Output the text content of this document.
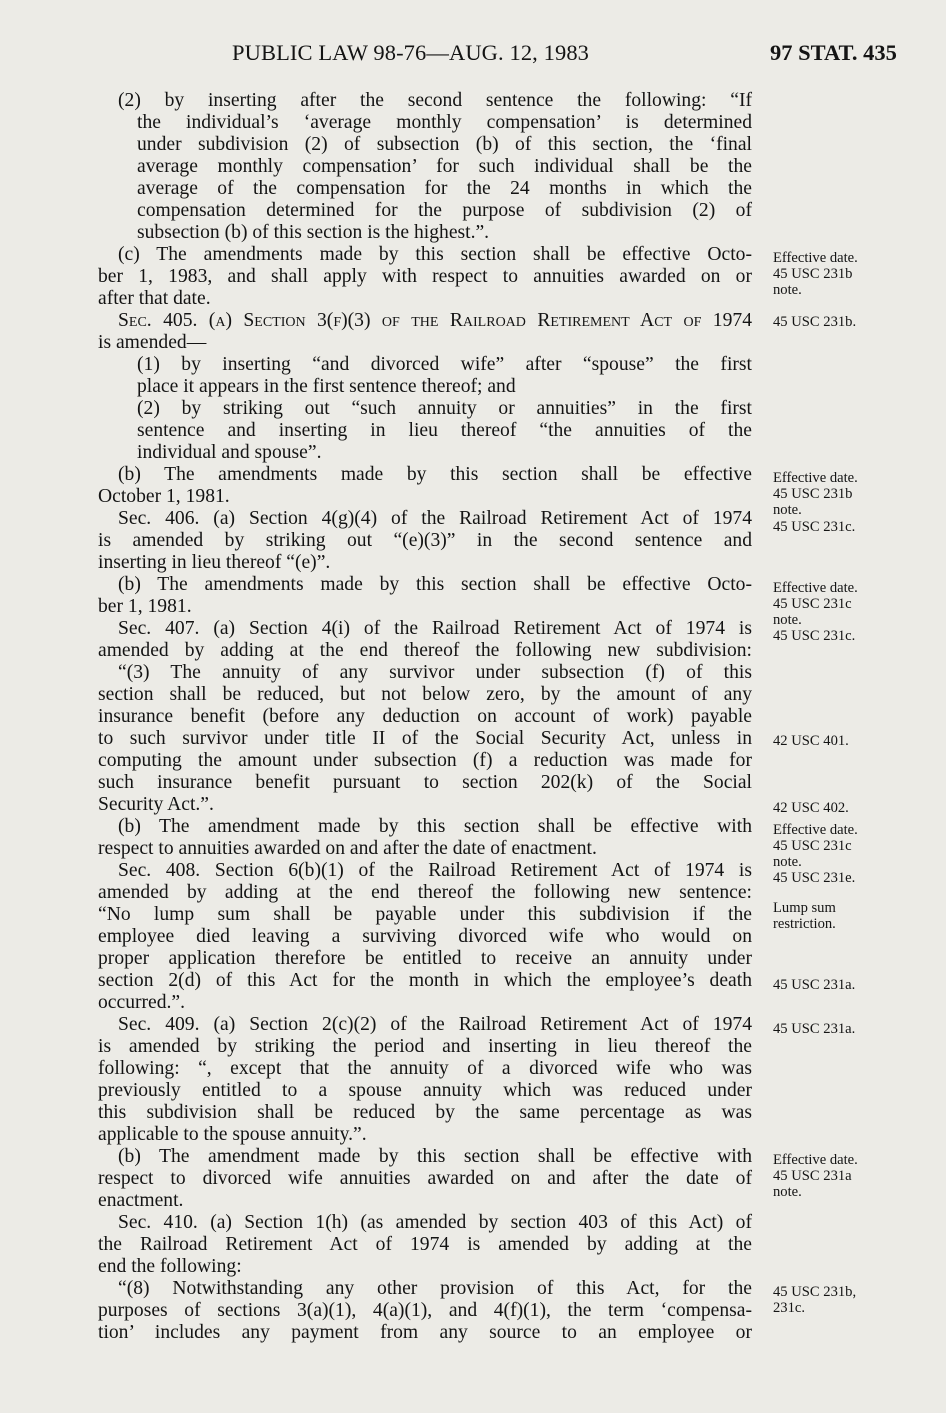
PUBLIC LAW 98-76—AUG. 12, 1983	97 STAT. 435
(2) by inserting after the second sentence the following: “If
the individual’s ‘average monthly compensation’ is determined
under subdivision (2) of subsection (b) of this section, the ‘final
average monthly compensation’ for such individual shall be the
average of the compensation for the 24 months in which the
compensation determined for the purpose of subdivision (2) of
subsection (b) of this section is the highest.”.
(c) The amendments made by this section shall be effective Octo-
ber 1, 1983, and shall apply with respect to annuities awarded on or
after that date.
Sec. 405. (a) Section 3(f)(3) of the Railroad Retirement Act of 1974
is amended—
(1) by inserting “and divorced wife” after “spouse” the first
place it appears in the first sentence thereof; and
(2) by striking out “such annuity or annuities” in the first
sentence and inserting in lieu thereof “the annuities of the
individual and spouse”.
(b) The amendments made by this section shall be effective
October 1, 1981.
Sec. 406. (a) Section 4(g)(4) of the Railroad Retirement Act of 1974
is amended by striking out “(e)(3)” in the second sentence and
inserting in lieu thereof “(e)”.
(b) The amendments made by this section shall be effective Octo-
ber 1, 1981.
Sec. 407. (a) Section 4(i) of the Railroad Retirement Act of 1974 is
amended by adding at the end thereof the following new subdivision:
“(3) The annuity of any survivor under subsection (f) of this
section shall be reduced, but not below zero, by the amount of any
insurance benefit (before any deduction on account of work) payable
to such survivor under title II of the Social Security Act, unless in
computing the amount under subsection (f) a reduction was made for
such insurance benefit pursuant to section 202(k) of the Social
Security Act.”.
(b) The amendment made by this section shall be effective with
respect to annuities awarded on and after the date of enactment.
Sec. 408. Section 6(b)(1) of the Railroad Retirement Act of 1974 is
amended by adding at the end thereof the following new sentence:
“No lump sum shall be payable under this subdivision if the
employee died leaving a surviving divorced wife who would on
proper application therefore be entitled to receive an annuity under
section 2(d) of this Act for the month in which the employee’s death
occurred.”.
Sec. 409. (a) Section 2(c)(2) of the Railroad Retirement Act of 1974
is amended by striking the period and inserting in lieu thereof the
following: “, except that the annuity of a divorced wife who was
previously entitled to a spouse annuity which was reduced under
this subdivision shall be reduced by the same percentage as was
applicable to the spouse annuity.”.
(b) The amendment made by this section shall be effective with
respect to divorced wife annuities awarded on and after the date of
enactment.
Sec. 410. (a) Section 1(h) (as amended by section 403 of this Act) of
the Railroad Retirement Act of 1974 is amended by adding at the
end the following:
“(8) Notwithstanding any other provision of this Act, for the
purposes of sections 3(a)(1), 4(a)(1), and 4(f)(1), the term ‘compensa-
tion’ includes any payment from any source to an employee or
Effective date.
45 USC 231b
note.
45 USC 231b.
Effective date.
45 USC 231b
note.
45 USC 231c.
Effective date.
45 USC 231c
note.
45 USC 231c.
42 USC 401.
42 USC 402.
Effective date.
45 USC 231c
note.
45 USC 231e.
Lump sum
restriction.
45 USC 231a.
45 USC 231a.
Effective date.
45 USC 231a
note.
45 USC 231b,
231c.
